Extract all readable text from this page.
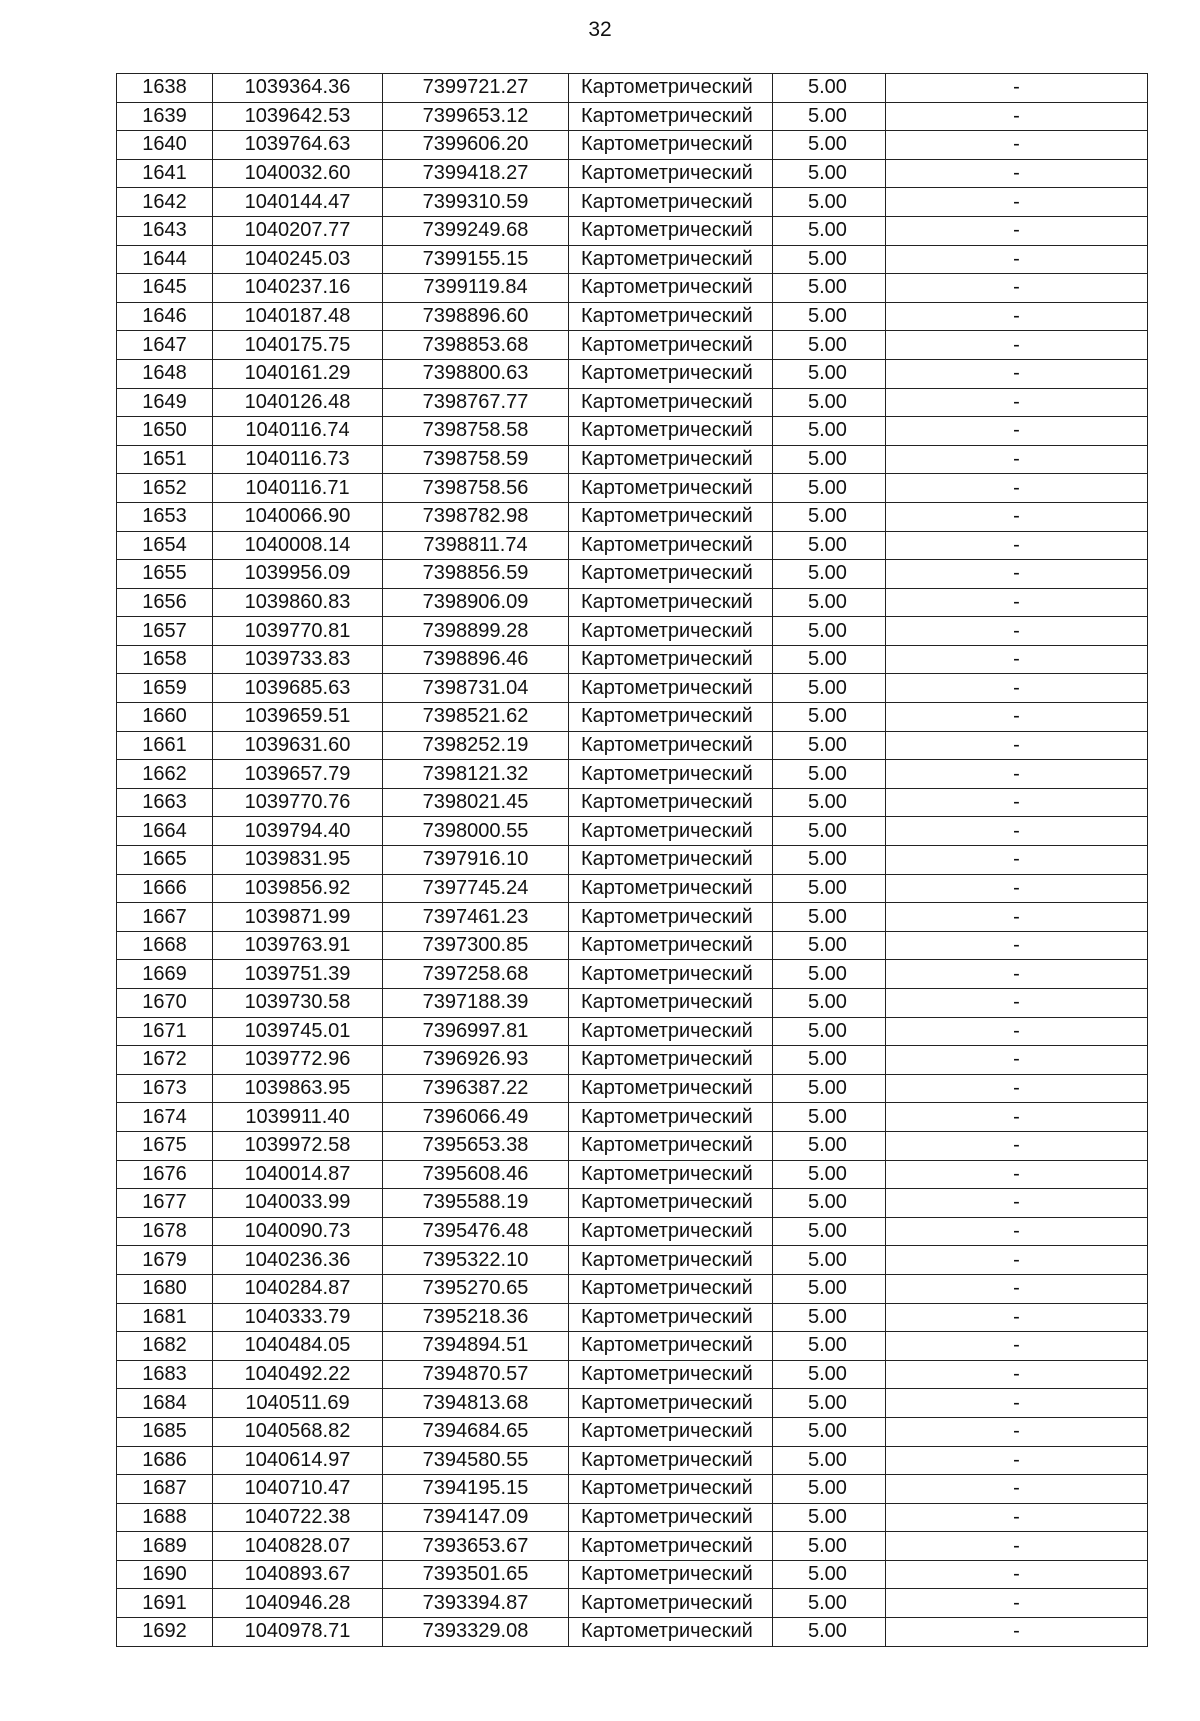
32
1638	1039364.36	7399721.27	Картометрический	5.00	-
1639	1039642.53	7399653.12	Картометрический	5.00	-
1640	1039764.63	7399606.20	Картометрический	5.00	-
1641	1040032.60	7399418.27	Картометрический	5.00	-
1642	1040144.47	7399310.59	Картометрический	5.00	-
1643	1040207.77	7399249.68	Картометрический	5.00	-
1644	1040245.03	7399155.15	Картометрический	5.00	-
1645	1040237.16	7399119.84	Картометрический	5.00	-
1646	1040187.48	7398896.60	Картометрический	5.00	-
1647	1040175.75	7398853.68	Картометрический	5.00	-
1648	1040161.29	7398800.63	Картометрический	5.00	-
1649	1040126.48	7398767.77	Картометрический	5.00	-
1650	1040116.74	7398758.58	Картометрический	5.00	-
1651	1040116.73	7398758.59	Картометрический	5.00	-
1652	1040116.71	7398758.56	Картометрический	5.00	-
1653	1040066.90	7398782.98	Картометрический	5.00	-
1654	1040008.14	7398811.74	Картометрический	5.00	-
1655	1039956.09	7398856.59	Картометрический	5.00	-
1656	1039860.83	7398906.09	Картометрический	5.00	-
1657	1039770.81	7398899.28	Картометрический	5.00	-
1658	1039733.83	7398896.46	Картометрический	5.00	-
1659	1039685.63	7398731.04	Картометрический	5.00	-
1660	1039659.51	7398521.62	Картометрический	5.00	-
1661	1039631.60	7398252.19	Картометрический	5.00	-
1662	1039657.79	7398121.32	Картометрический	5.00	-
1663	1039770.76	7398021.45	Картометрический	5.00	-
1664	1039794.40	7398000.55	Картометрический	5.00	-
1665	1039831.95	7397916.10	Картометрический	5.00	-
1666	1039856.92	7397745.24	Картометрический	5.00	-
1667	1039871.99	7397461.23	Картометрический	5.00	-
1668	1039763.91	7397300.85	Картометрический	5.00	-
1669	1039751.39	7397258.68	Картометрический	5.00	-
1670	1039730.58	7397188.39	Картометрический	5.00	-
1671	1039745.01	7396997.81	Картометрический	5.00	-
1672	1039772.96	7396926.93	Картометрический	5.00	-
1673	1039863.95	7396387.22	Картометрический	5.00	-
1674	1039911.40	7396066.49	Картометрический	5.00	-
1675	1039972.58	7395653.38	Картометрический	5.00	-
1676	1040014.87	7395608.46	Картометрический	5.00	-
1677	1040033.99	7395588.19	Картометрический	5.00	-
1678	1040090.73	7395476.48	Картометрический	5.00	-
1679	1040236.36	7395322.10	Картометрический	5.00	-
1680	1040284.87	7395270.65	Картометрический	5.00	-
1681	1040333.79	7395218.36	Картометрический	5.00	-
1682	1040484.05	7394894.51	Картометрический	5.00	-
1683	1040492.22	7394870.57	Картометрический	5.00	-
1684	1040511.69	7394813.68	Картометрический	5.00	-
1685	1040568.82	7394684.65	Картометрический	5.00	-
1686	1040614.97	7394580.55	Картометрический	5.00	-
1687	1040710.47	7394195.15	Картометрический	5.00	-
1688	1040722.38	7394147.09	Картометрический	5.00	-
1689	1040828.07	7393653.67	Картометрический	5.00	-
1690	1040893.67	7393501.65	Картометрический	5.00	-
1691	1040946.28	7393394.87	Картометрический	5.00	-
1692	1040978.71	7393329.08	Картометрический	5.00	-
